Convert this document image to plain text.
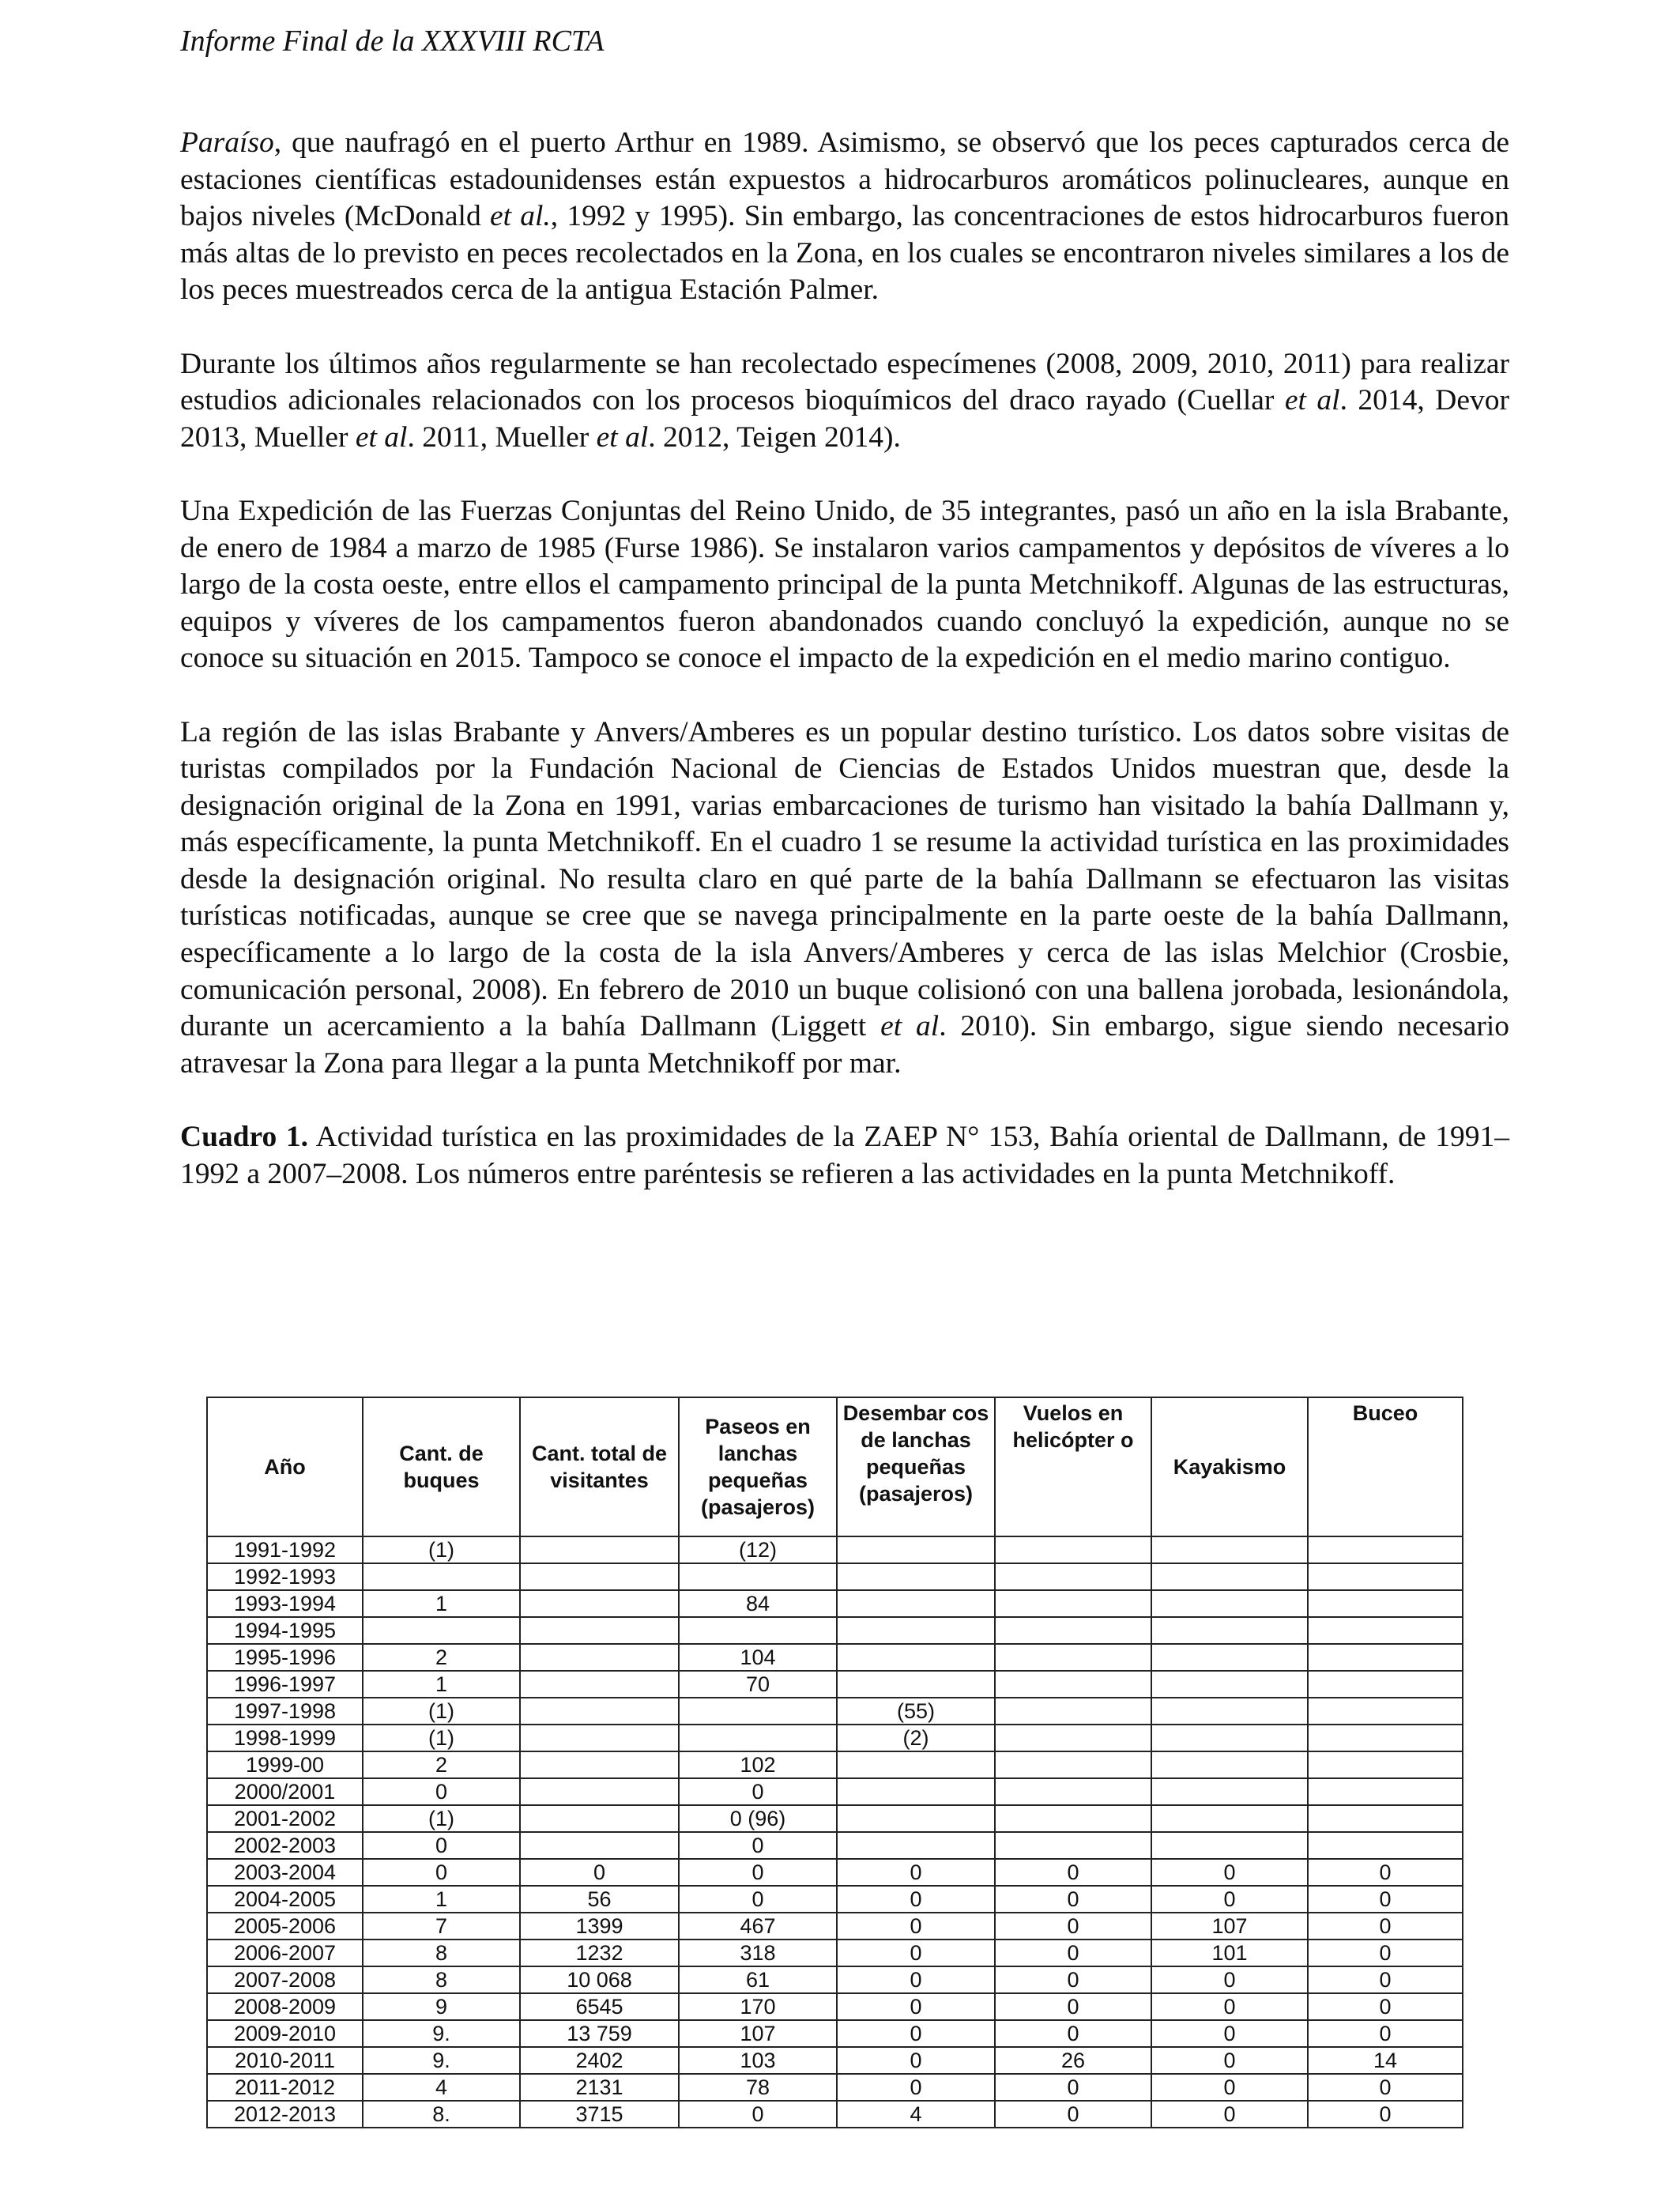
Informe Final de la XXXVIII RCTA

Paraíso, que naufragó en el puerto Arthur en 1989. Asimismo, se observó que los peces capturados cerca de estaciones científicas estadounidenses están expuestos a hidrocarburos aromáticos polinucleares, aunque en bajos niveles (McDonald et al., 1992 y 1995). Sin embargo, las concentraciones de estos hidrocarburos fueron más altas de lo previsto en peces recolectados en la Zona, en los cuales se encontraron niveles similares a los de los peces muestreados cerca de la antigua Estación Palmer.

Durante los últimos años regularmente se han recolectado especímenes (2008, 2009, 2010, 2011) para realizar estudios adicionales relacionados con los procesos bioquímicos del draco rayado (Cuellar et al. 2014, Devor 2013, Mueller et al. 2011, Mueller et al. 2012, Teigen 2014).

Una Expedición de las Fuerzas Conjuntas del Reino Unido, de 35 integrantes, pasó un año en la isla Brabante, de enero de 1984 a marzo de 1985 (Furse 1986). Se instalaron varios campamentos y depósitos de víveres a lo largo de la costa oeste, entre ellos el campamento principal de la punta Metchnikoff. Algunas de las estructuras, equipos y víveres de los campamentos fueron abandonados cuando concluyó la expedición, aunque no se conoce su situación en 2015. Tampoco se conoce el impacto de la expedición en el medio marino contiguo.

La región de las islas Brabante y Anvers/Amberes es un popular destino turístico. Los datos sobre visitas de turistas compilados por la Fundación Nacional de Ciencias de Estados Unidos muestran que, desde la designación original de la Zona en 1991, varias embarcaciones de turismo han visitado la bahía Dallmann y, más específicamente, la punta Metchnikoff. En el cuadro 1 se resume la actividad turística en las proximidades desde la designación original. No resulta claro en qué parte de la bahía Dallmann se efectuaron las visitas turísticas notificadas, aunque se cree que se navega principalmente en la parte oeste de la bahía Dallmann, específicamente a lo largo de la costa de la isla Anvers/Amberes y cerca de las islas Melchior (Crosbie, comunicación personal, 2008). En febrero de 2010 un buque colisionó con una ballena jorobada, lesionándola, durante un acercamiento a la bahía Dallmann (Liggett et al. 2010). Sin embargo, sigue siendo necesario atravesar la Zona para llegar a la punta Metchnikoff por mar.

Cuadro 1. Actividad turística en las proximidades de la ZAEP N° 153, Bahía oriental de Dallmann, de 1991–1992 a 2007–2008. Los números entre paréntesis se refieren a las actividades en la punta Metchnikoff.

Año	Cant. de buques	Cant. total de visitantes	Paseos en lanchas pequeñas (pasajeros)	Desembar cos de lanchas pequeñas (pasajeros)	Vuelos en helicópter o	Kayakismo	Buceo
1991-1992	(1)		(12)				
1992-1993							
1993-1994	1		84				
1994-1995							
1995-1996	2		104				
1996-1997	1		70				
1997-1998	(1)			(55)			
1998-1999	(1)			(2)			
1999-00	2		102				
2000/2001	0		0				
2001-2002	(1)		0 (96)				
2002-2003	0		0				
2003-2004	0	0	0	0	0	0	0
2004-2005	1	56	0	0	0	0	0
2005-2006	7	1399	467	0	0	107	0
2006-2007	8	1232	318	0	0	101	0
2007-2008	8	10 068	61	0	0	0	0
2008-2009	9	6545	170	0	0	0	0
2009-2010	9.	13 759	107	0	0	0	0
2010-2011	9.	2402	103	0	26	0	14
2011-2012	4	2131	78	0	0	0	0
2012-2013	8.	3715	0	4	0	0	0
